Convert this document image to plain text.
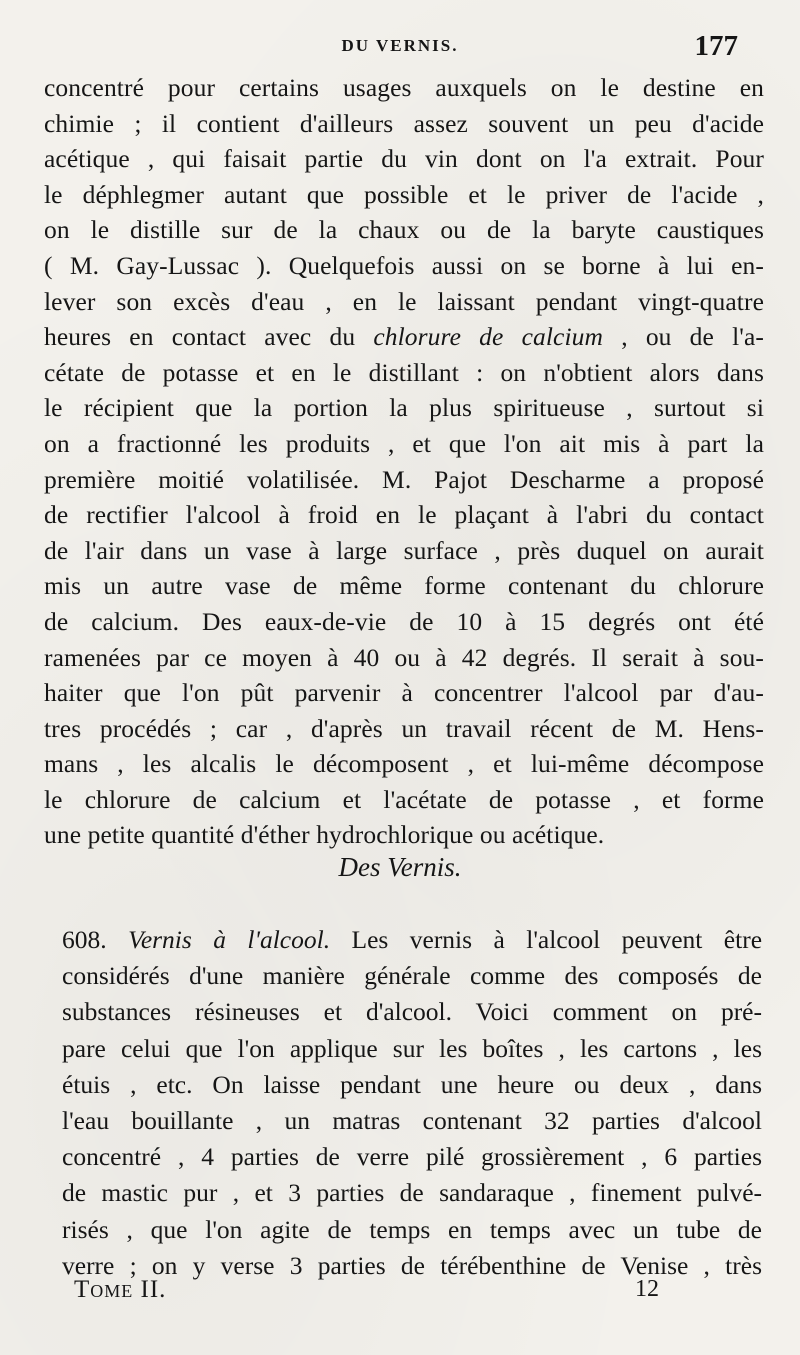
DU VERNIS.	177
concentré pour certains usages auxquels on le destine en
chimie ; il contient d'ailleurs assez souvent un peu d'acide
acétique , qui faisait partie du vin dont on l'a extrait. Pour
le déphlegmer autant que possible et le priver de l'acide ,
on le distille sur de la chaux ou de la baryte caustiques
( M. Gay-Lussac ). Quelquefois aussi on se borne à lui en-
lever son excès d'eau , en le laissant pendant vingt-quatre
heures en contact avec du chlorure de calcium , ou de l'a-
cétate de potasse et en le distillant : on n'obtient alors dans
le récipient que la portion la plus spiritueuse , surtout si
on a fractionné les produits , et que l'on ait mis à part la
première moitié volatilisée. M. Pajot Descharme a proposé
de rectifier l'alcool à froid en le plaçant à l'abri du contact
de l'air dans un vase à large surface , près duquel on aurait
mis un autre vase de même forme contenant du chlorure
de calcium. Des eaux-de-vie de 10 à 15 degrés ont été
ramenées par ce moyen à 40 ou à 42 degrés. Il serait à sou-
haiter que l'on pût parvenir à concentrer l'alcool par d'au-
tres procédés ; car , d'après un travail récent de M. Hens-
mans , les alcalis le décomposent , et lui-même décompose
le chlorure de calcium et l'acétate de potasse , et forme
une petite quantité d'éther hydrochlorique ou acétique.
Des Vernis.
608. Vernis à l'alcool. Les vernis à l'alcool peuvent être
considérés d'une manière générale comme des composés de
substances résineuses et d'alcool. Voici comment on pré-
pare celui que l'on applique sur les boîtes , les cartons , les
étuis , etc. On laisse pendant une heure ou deux , dans
l'eau bouillante , un matras contenant 32 parties d'alcool
concentré , 4 parties de verre pilé grossièrement , 6 parties
de mastic pur , et 3 parties de sandaraque , finement pulvé-
risés , que l'on agite de temps en temps avec un tube de
verre ; on y verse 3 parties de térébenthine de Venise , très
Tome II.	12
